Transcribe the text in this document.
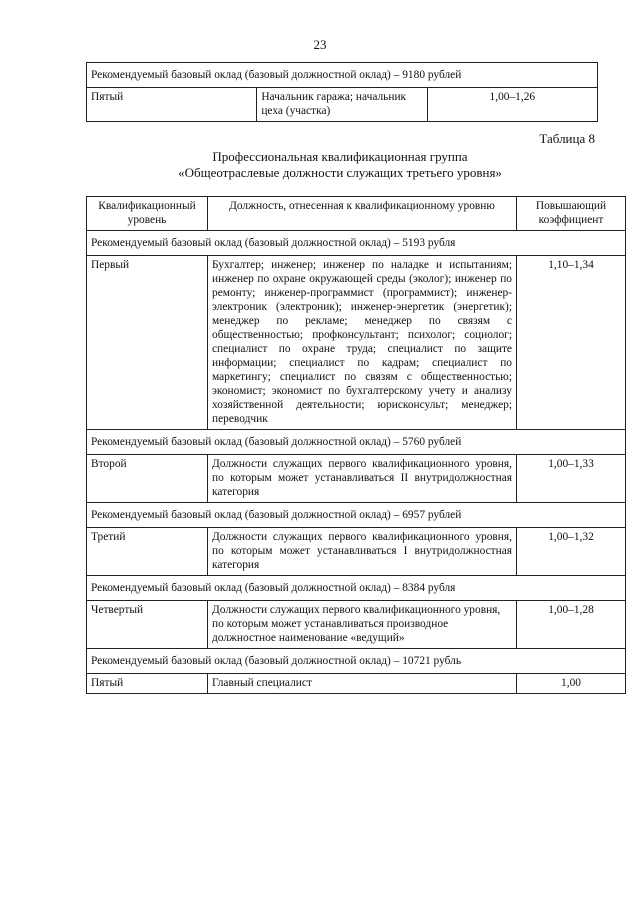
23
Рекомендуемый базовый оклад (базовый должностной оклад) – 9180 рублей
Пятый	Начальник гаража; начальник цеха (участка)	1,00–1,26
Таблица 8
Профессиональная квалификационная группа
«Общеотраслевые должности служащих третьего уровня»
Квалификационный уровень	Должность, отнесенная к квалификационному уровню	Повышающий коэффициент
Рекомендуемый базовый оклад (базовый должностной оклад) – 5193 рубля		
Первый	Бухгалтер; инженер; инженер по наладке и испытаниям; инженер по охране окружающей среды (эколог); инженер по ремонту; инженер-программист (программист); инженер-электроник (электроник); инженер-энергетик (энергетик); менеджер по рекламе; менеджер по связям с общественностью; профконсультант; психолог; социолог; специалист по охране труда; специалист по защите информации; специалист по кадрам; специалист по маркетингу; специалист по связям с общественностью; экономист; экономист по бухгалтерскому учету и анализу хозяйственной деятельности; юрисконсульт; менеджер; переводчик	1,10–1,34
Рекомендуемый базовый оклад (базовый должностной оклад) – 5760 рублей		
Второй	Должности служащих первого квалификационного уровня, по которым может устанавливаться II внутридолжностная категория	1,00–1,33
Рекомендуемый базовый оклад (базовый должностной оклад) – 6957 рублей		
Третий	Должности служащих первого квалификационного уровня, по которым может устанавливаться I внутридолжностная категория	1,00–1,32
Рекомендуемый базовый оклад (базовый должностной оклад) – 8384 рубля		
Четвертый	Должности служащих первого квалификационного уровня, по которым может устанавливаться производное должностное наименование «ведущий»	1,00–1,28
Рекомендуемый базовый оклад (базовый должностной оклад) – 10721 рубль		
Пятый	Главный специалист	1,00
